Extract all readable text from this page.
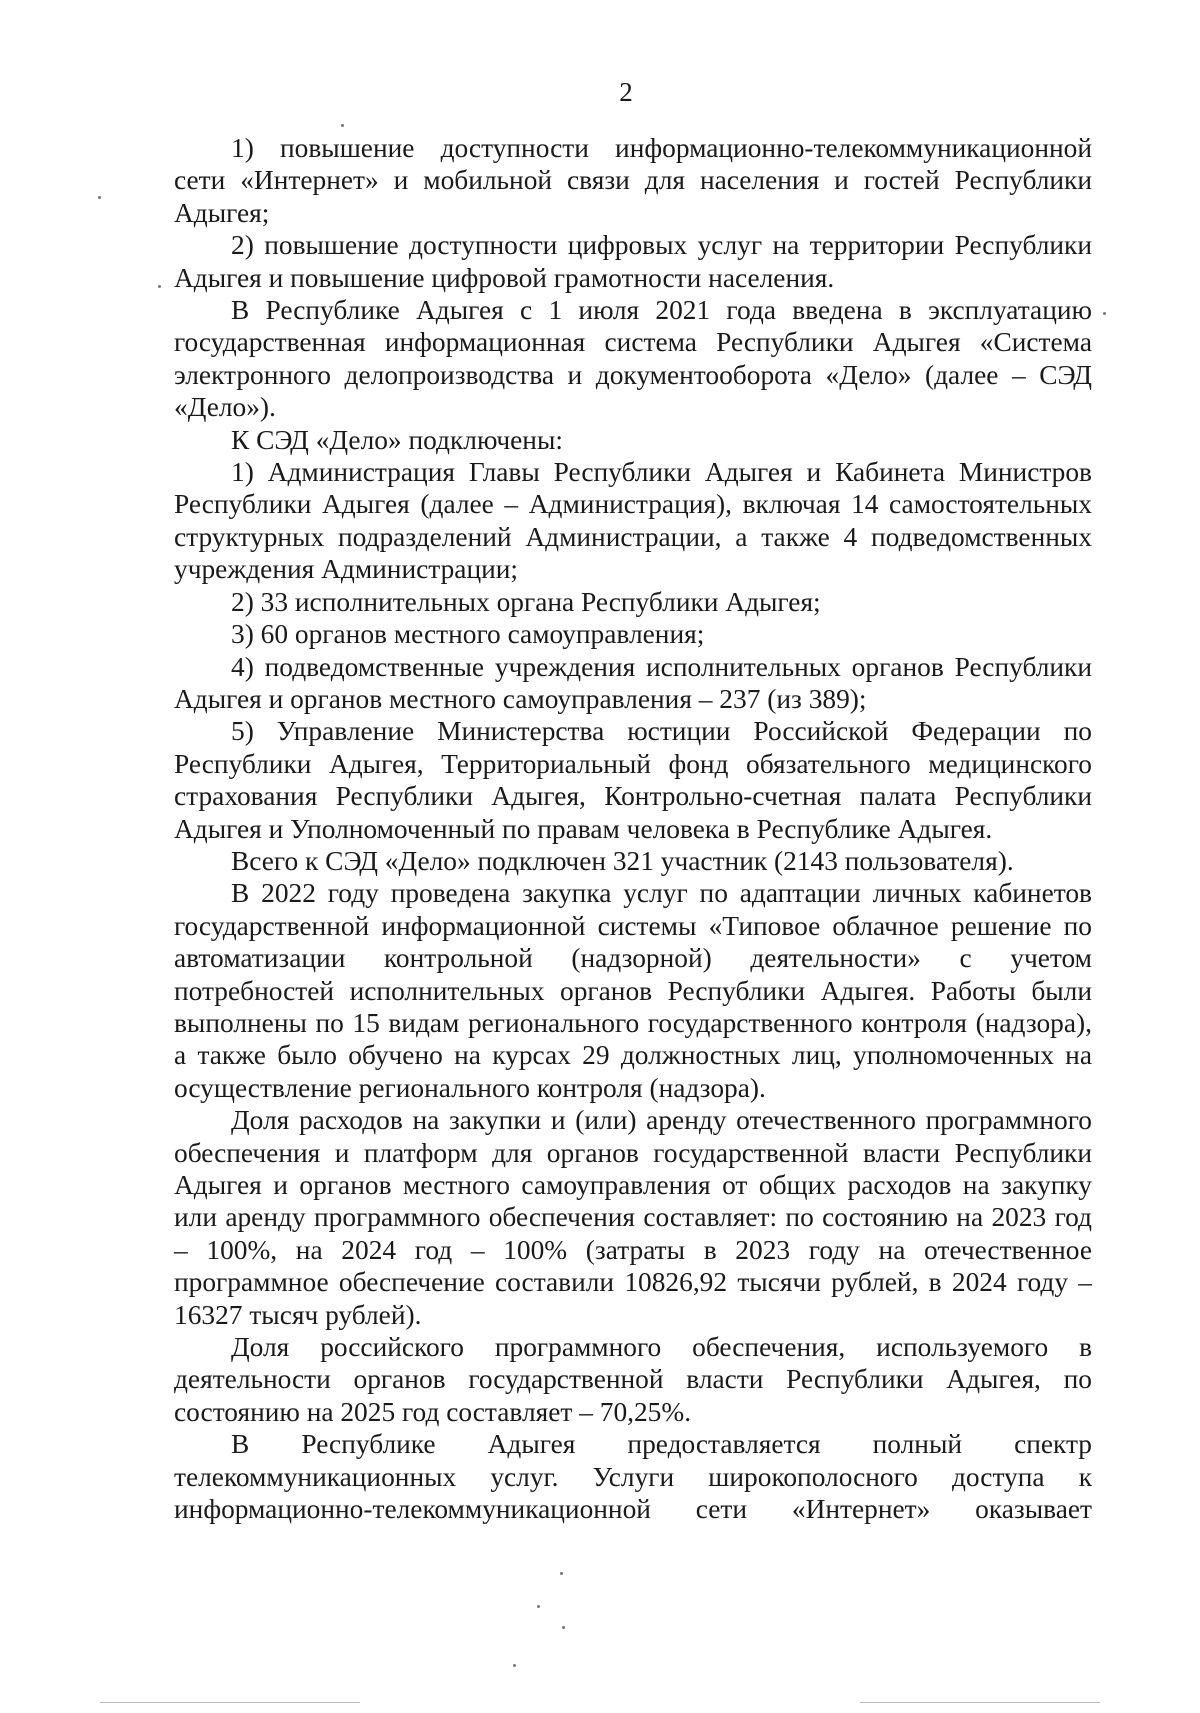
2

1) повышение доступности информационно-телекоммуникационной сети «Интернет» и мобильной связи для населения и гостей Республики Адыгея;

2) повышение доступности цифровых услуг на территории Республики Адыгея и повышение цифровой грамотности населения.

В Республике Адыгея с 1 июля 2021 года введена в эксплуатацию государственная информационная система Республики Адыгея «Система электронного делопроизводства и документооборота «Дело» (далее – СЭД «Дело»).

К СЭД «Дело» подключены:

1) Администрация Главы Республики Адыгея и Кабинета Министров Республики Адыгея (далее – Администрация), включая 14 самостоятельных структурных подразделений Администрации, а также 4 подведомственных учреждения Администрации;

2) 33 исполнительных органа Республики Адыгея;

3) 60 органов местного самоуправления;

4) подведомственные учреждения исполнительных органов Республики Адыгея и органов местного самоуправления – 237 (из 389);

5) Управление Министерства юстиции Российской Федерации по Республики Адыгея, Территориальный фонд обязательного медицинского страхования Республики Адыгея, Контрольно-счетная палата Республики Адыгея и Уполномоченный по правам человека в Республике Адыгея.

Всего к СЭД «Дело» подключен 321 участник (2143 пользователя).

В 2022 году проведена закупка услуг по адаптации личных кабинетов государственной информационной системы «Типовое облачное решение по автоматизации контрольной (надзорной) деятельности» с учетом потребностей исполнительных органов Республики Адыгея. Работы были выполнены по 15 видам регионального государственного контроля (надзора), а также было обучено на курсах 29 должностных лиц, уполномоченных на осуществление регионального контроля (надзора).

Доля расходов на закупки и (или) аренду отечественного программного обеспечения и платформ для органов государственной власти Республики Адыгея и органов местного самоуправления от общих расходов на закупку или аренду программного обеспечения составляет: по состоянию на 2023 год – 100%, на 2024 год – 100% (затраты в 2023 году на отечественное программное обеспечение составили 10826,92 тысячи рублей, в 2024 году – 16327 тысяч рублей).

Доля российского программного обеспечения, используемого в деятельности органов государственной власти Республики Адыгея, по состоянию на 2025 год составляет – 70,25%.

В Республике Адыгея предоставляется полный спектр телекоммуникационных услуг. Услуги широкополосного доступа к информационно-телекоммуникационной сети «Интернет» оказывает
